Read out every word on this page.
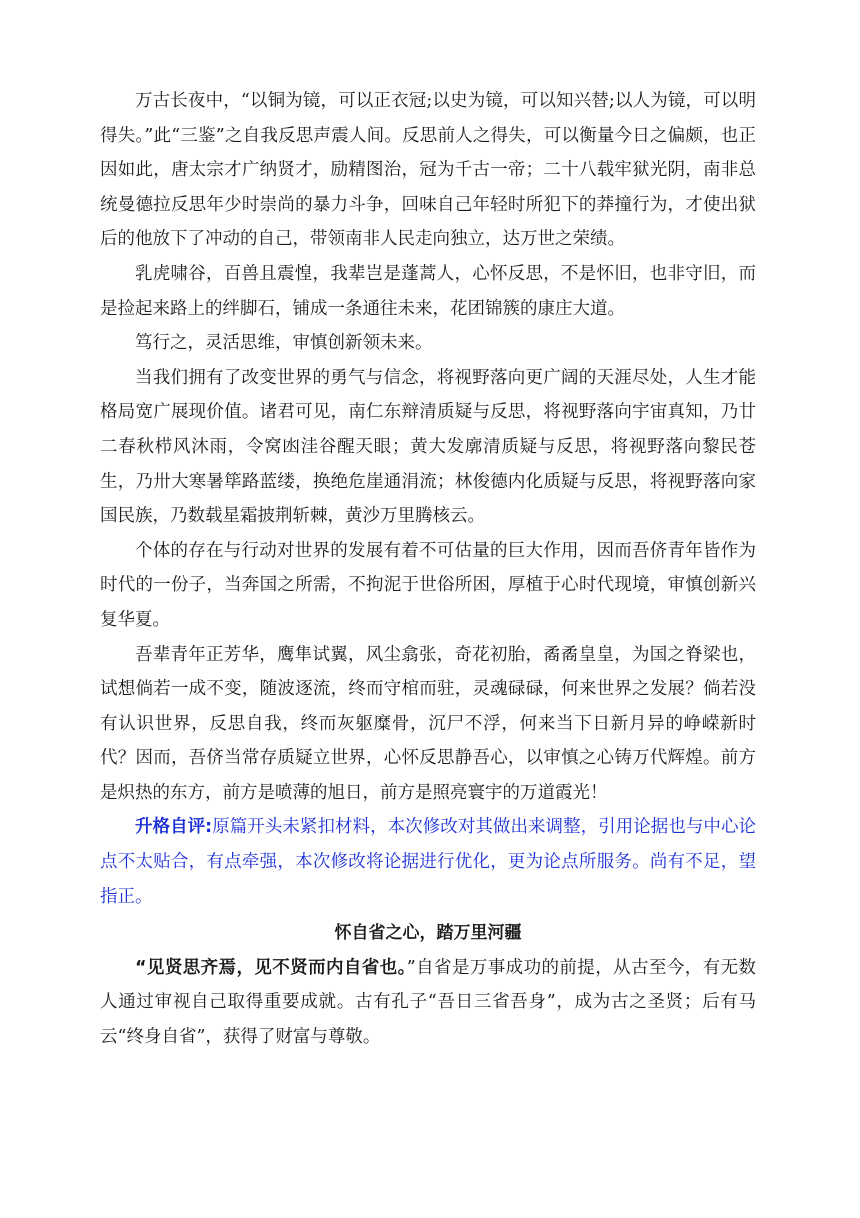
万古长夜中，“以铜为镜，可以正衣冠;以史为镜，可以知兴替;以人为镜，可以明得失。”此“三鉴”之自我反思声震人间。反思前人之得失，可以衡量今日之偏颇，也正因如此，唐太宗才广纳贤才，励精图治，冠为千古一帝；二十八载牢狱光阴，南非总统曼德拉反思年少时崇尚的暴力斗争，回味自己年轻时所犯下的莽撞行为，才使出狱后的他放下了冲动的自己，带领南非人民走向独立，达万世之荣绩。

乳虎啸谷，百兽且震惶，我辈岂是蓬蒿人，心怀反思，不是怀旧，也非守旧，而是捡起来路上的绊脚石，铺成一条通往未来，花团锦簇的康庄大道。

笃行之，灵活思维，审慎创新领未来。

当我们拥有了改变世界的勇气与信念，将视野落向更广阔的天涯尽处，人生才能格局宽广展现价值。诸君可见，南仁东辩清质疑与反思，将视野落向宇宙真知，乃廿二春秋栉风沐雨，令窝凼洼谷醒天眼；黄大发廓清质疑与反思，将视野落向黎民苍生，乃卅大寒暑筚路蓝缕，换绝危崖通涓流；林俊德内化质疑与反思，将视野落向家国民族，乃数载星霜披荆斩棘，黄沙万里腾核云。

个体的存在与行动对世界的发展有着不可估量的巨大作用，因而吾侪青年皆作为时代的一份子，当奔国之所需，不拘泥于世俗所困，厚植于心时代现境，审慎创新兴复华夏。

吾辈青年正芳华，鹰隼试翼，风尘翕张，奇花初胎，矞矞皇皇，为国之脊梁也，试想倘若一成不变，随波逐流，终而守棺而驻，灵魂碌碌，何来世界之发展？倘若没有认识世界，反思自我，终而灰躯糜骨，沉尸不浮，何来当下日新月异的峥嵘新时代？因而，吾侪当常存质疑立世界，心怀反思静吾心，以审慎之心铸万代辉煌。前方是炽热的东方，前方是喷薄的旭日，前方是照亮寰宇的万道霞光！

升格自评:原篇开头未紧扣材料，本次修改对其做出来调整，引用论据也与中心论点不太贴合，有点牵强，本次修改将论据进行优化，更为论点所服务。尚有不足，望指正。

怀自省之心，踏万里河疆

“见贤思齐焉，见不贤而内自省也。”自省是万事成功的前提，从古至今，有无数人通过审视自己取得重要成就。古有孔子“吾日三省吾身”，成为古之圣贤；后有马云“终身自省”，获得了财富与尊敬。
